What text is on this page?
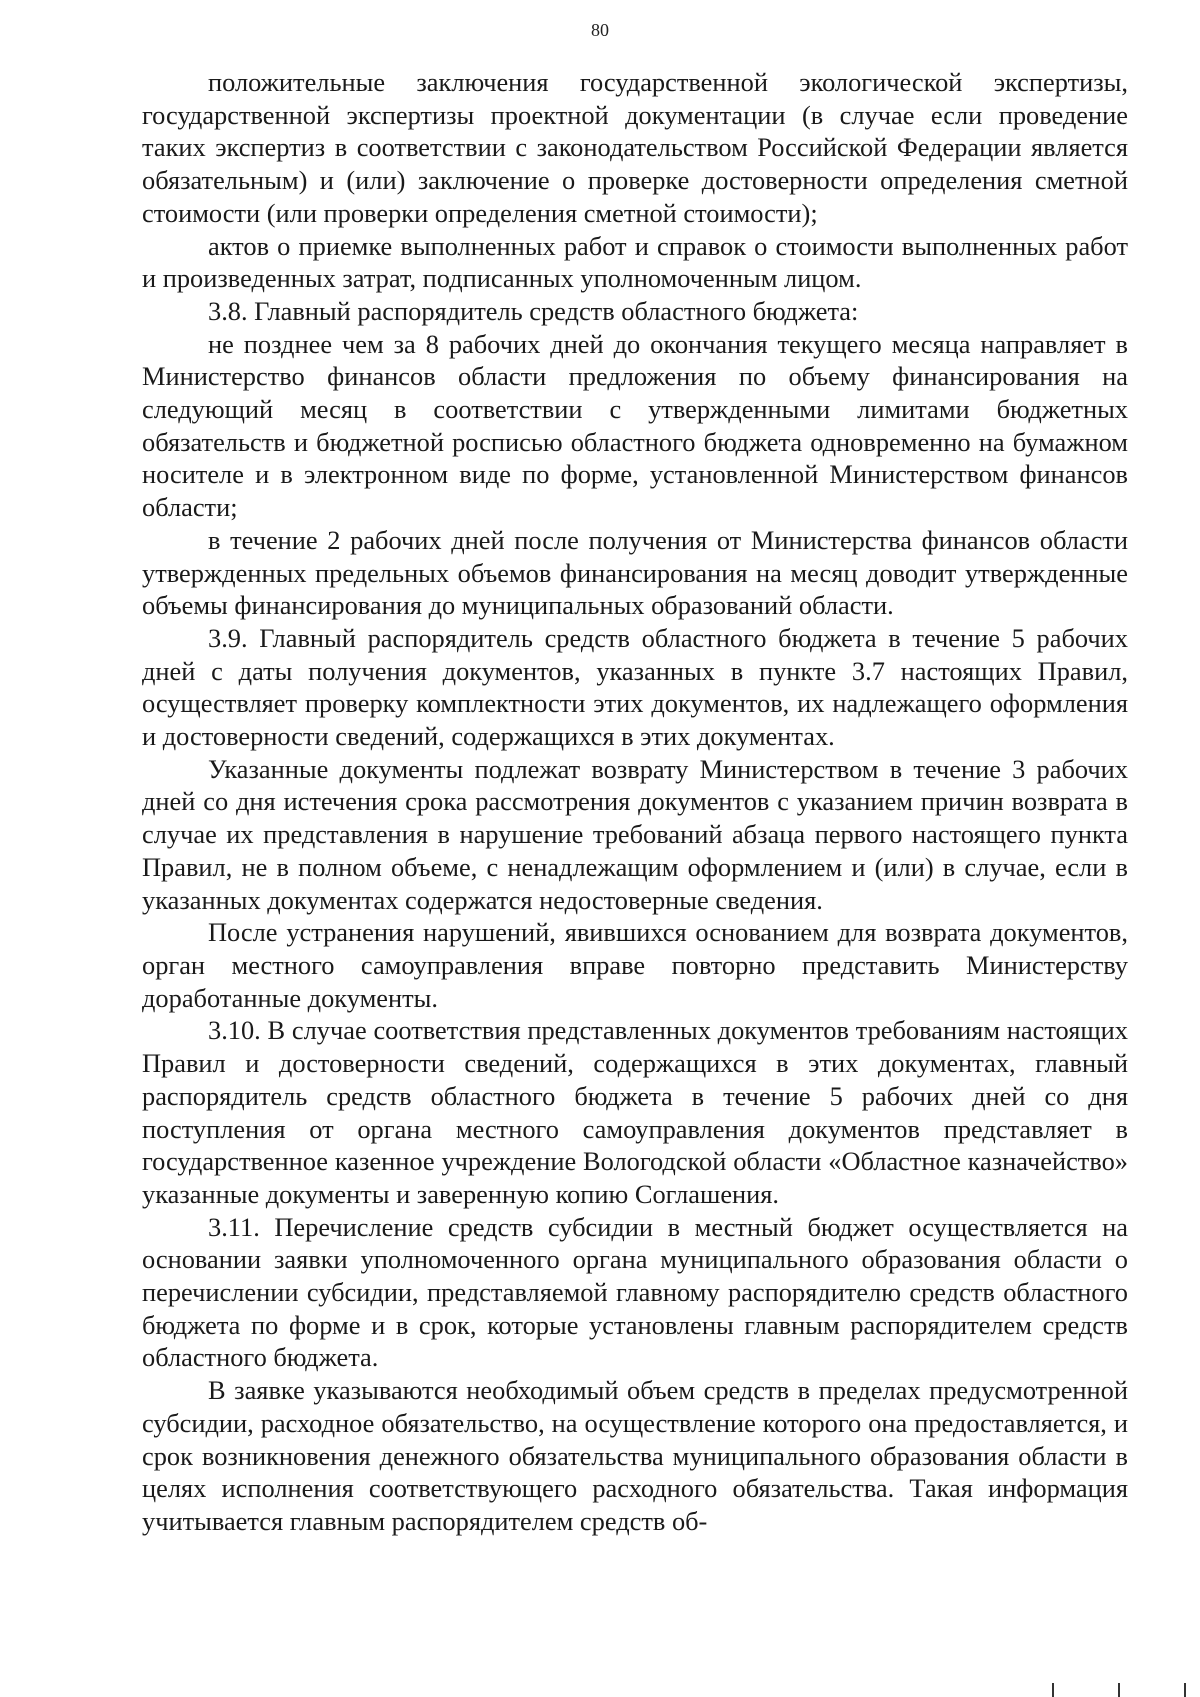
80

положительные заключения государственной экологической экспертизы, государственной экспертизы проектной документации (в случае если проведение таких экспертиз в соответствии с законодательством Российской Федерации является обязательным) и (или) заключение о проверке достоверности определения сметной стоимости (или проверки определения сметной стоимости);

актов о приемке выполненных работ и справок о стоимости выполненных работ и произведенных затрат, подписанных уполномоченным лицом.

3.8. Главный распорядитель средств областного бюджета:

не позднее чем за 8 рабочих дней до окончания текущего месяца направляет в Министерство финансов области предложения по объему финансирования на следующий месяц в соответствии с утвержденными лимитами бюджетных обязательств и бюджетной росписью областного бюджета одновременно на бумажном носителе и в электронном виде по форме, установленной Министерством финансов области;

в течение 2 рабочих дней после получения от Министерства финансов области утвержденных предельных объемов финансирования на месяц доводит утвержденные объемы финансирования до муниципальных образований области.

3.9. Главный распорядитель средств областного бюджета в течение 5 рабочих дней с даты получения документов, указанных в пункте 3.7 настоящих Правил, осуществляет проверку комплектности этих документов, их надлежащего оформления и достоверности сведений, содержащихся в этих документах.

Указанные документы подлежат возврату Министерством в течение 3 рабочих дней со дня истечения срока рассмотрения документов с указанием причин возврата в случае их представления в нарушение требований абзаца первого настоящего пункта Правил, не в полном объеме, с ненадлежащим оформлением и (или) в случае, если в указанных документах содержатся недостоверные сведения.

После устранения нарушений, явившихся основанием для возврата документов, орган местного самоуправления вправе повторно представить Министерству доработанные документы.

3.10. В случае соответствия представленных документов требованиям настоящих Правил и достоверности сведений, содержащихся в этих документах, главный распорядитель средств областного бюджета в течение 5 рабочих дней со дня поступления от органа местного самоуправления документов представляет в государственное казенное учреждение Вологодской области «Областное казначейство» указанные документы и заверенную копию Соглашения.

3.11. Перечисление средств субсидии в местный бюджет осуществляется на основании заявки уполномоченного органа муниципального образования области о перечислении субсидии, представляемой главному распорядителю средств областного бюджета по форме и в срок, которые установлены главным распорядителем средств областного бюджета.

В заявке указываются необходимый объем средств в пределах предусмотренной субсидии, расходное обязательство, на осуществление которого она предоставляется, и срок возникновения денежного обязательства муниципального образования области в целях исполнения соответствующего расходного обязательства. Такая информация учитывается главным распорядителем средств об-
